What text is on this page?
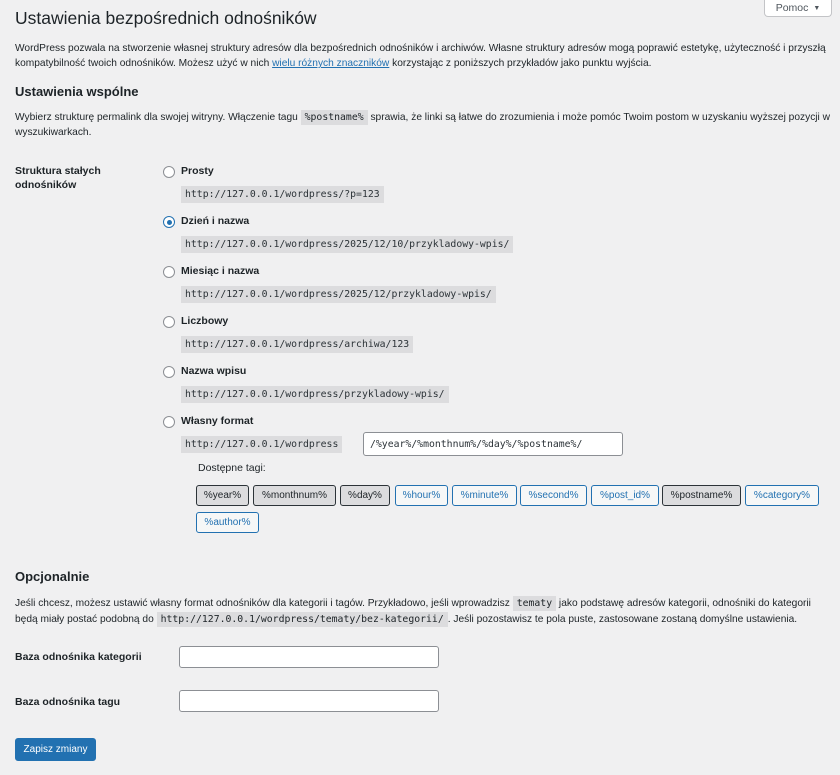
Pomoc ▼
Ustawienia bezpośrednich odnośników

WordPress pozwala na stworzenie własnej struktury adresów dla bezpośrednich odnośników i archiwów. Własne struktury adresów mogą poprawić estetykę, użyteczność i przyszłą kompatybilność twoich odnośników. Możesz użyć w nich wielu różnych znaczników korzystając z poniższych przykładów jako punktu wyjścia.

Ustawienia wspólne

Wybierz strukturę permalink dla swojej witryny. Włączenie tagu %postname% sprawia, że linki są łatwe do zrozumienia i może pomóc Twoim postom w uzyskaniu wyższej pozycji w wyszukiwarkach.

Struktura stałych odnośników
Prosty
http://127.0.0.1/wordpress/?p=123
Dzień i nazwa
http://127.0.0.1/wordpress/2025/12/10/przykladowy-wpis/
Miesiąc i nazwa
http://127.0.0.1/wordpress/2025/12/przykladowy-wpis/
Liczbowy
http://127.0.0.1/wordpress/archiwa/123
Nazwa wpisu
http://127.0.0.1/wordpress/przykladowy-wpis/
Własny format
http://127.0.0.1/wordpress
/%year%/%monthnum%/%day%/%postname%/
Dostępne tagi:
%year%	%monthnum%	%day%	%hour%	%minute%	%second%	%post_id%	%postname%	%category%
%author%
Opcjonalnie

Jeśli chcesz, możesz ustawić własny format odnośników dla kategorii i tagów. Przykładowo, jeśli wprowadzisz tematy jako podstawę adresów kategorii, odnośniki do kategorii będą miały postać podobną do http://127.0.0.1/wordpress/tematy/bez-kategorii/ . Jeśli pozostawisz te pola puste, zastosowane zostaną domyślne ustawienia.

Baza odnośnika kategorii
Baza odnośnika tagu
Zapisz zmiany
